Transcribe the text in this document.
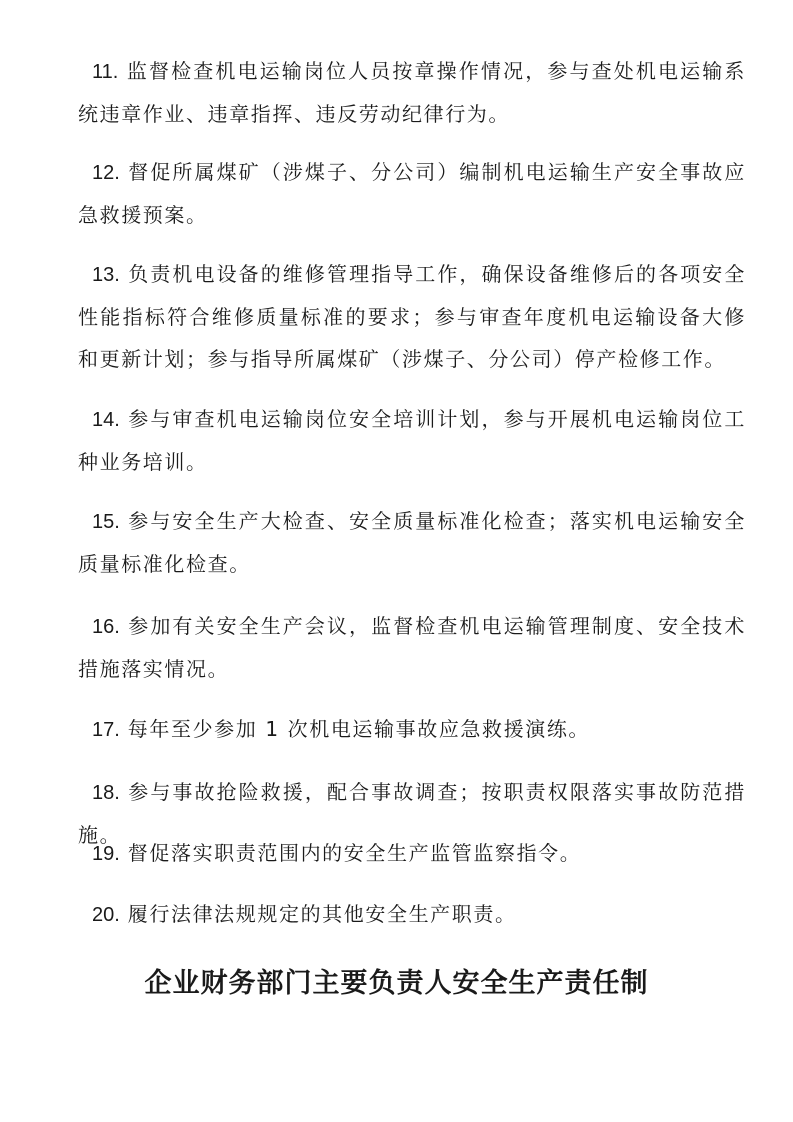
11. 监督检查机电运输岗位人员按章操作情况，参与查处机电运输系统违章作业、违章指挥、违反劳动纪律行为。

12. 督促所属煤矿（涉煤子、分公司）编制机电运输生产安全事故应急救援预案。

13. 负责机电设备的维修管理指导工作，确保设备维修后的各项安全性能指标符合维修质量标准的要求；参与审查年度机电运输设备大修和更新计划；参与指导所属煤矿（涉煤子、分公司）停产检修工作。

14. 参与审查机电运输岗位安全培训计划，参与开展机电运输岗位工种业务培训。

15. 参与安全生产大检查、安全质量标准化检查；落实机电运输安全质量标准化检查。

16. 参加有关安全生产会议，监督检查机电运输管理制度、安全技术措施落实情况。

17. 每年至少参加 1 次机电运输事故应急救援演练。

18. 参与事故抢险救援，配合事故调查；按职责权限落实事故防范措施。

19. 督促落实职责范围内的安全生产监管监察指令。

20. 履行法律法规规定的其他安全生产职责。

企业财务部门主要负责人安全生产责任制
